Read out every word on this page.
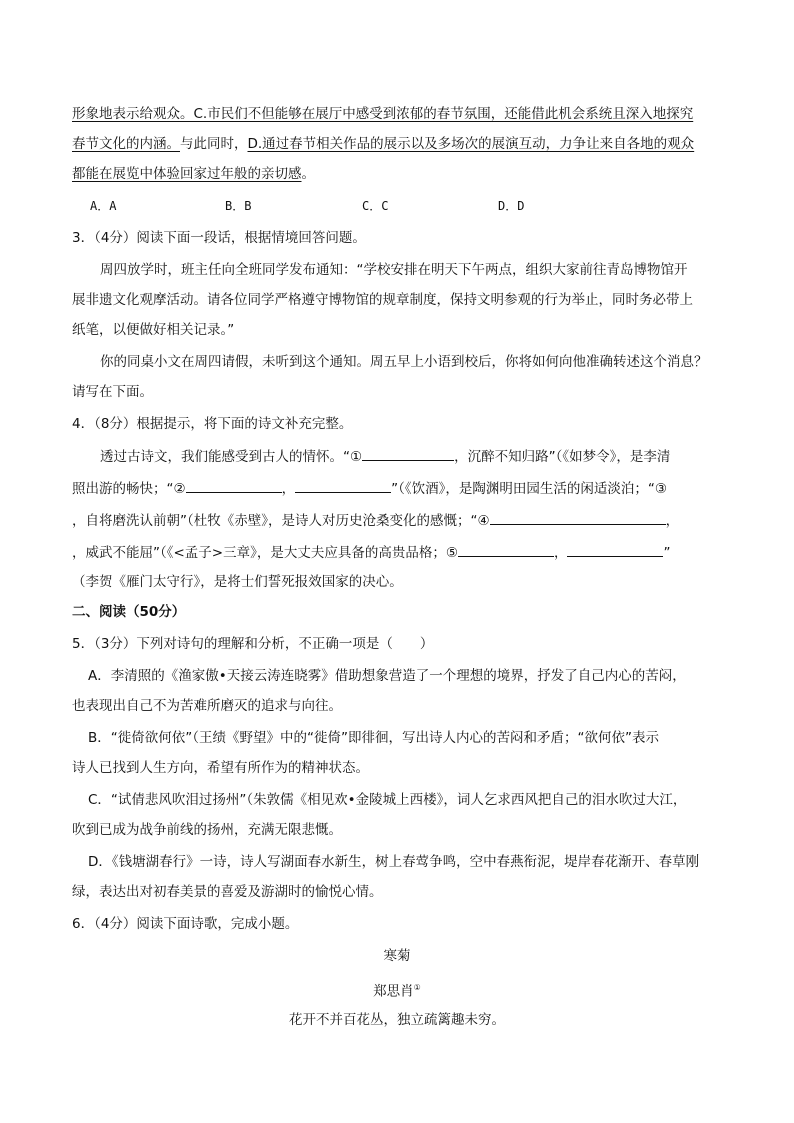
形象地表示给观众。C.市民们不但能够在展厅中感受到浓郁的春节氛围，还能借此机会系统且深入地探究
春节文化的内涵。与此同时，D.通过春节相关作品的展示以及多场次的展演互动，力争让来自各地的观众
都能在展览中体验回家过年般的亲切感。
A．A	B．B	C．C	D．D
3．（4分）阅读下面一段话，根据情境回答问题。
周四放学时，班主任向全班同学发布通知：“学校安排在明天下午两点，组织大家前往青岛博物馆开
展非遗文化观摩活动。请各位同学严格遵守博物馆的规章制度，保持文明参观的行为举止，同时务必带上
纸笔，以便做好相关记录。”
你的同桌小文在周四请假，未听到这个通知。周五早上小语到校后，你将如何向他准确转述这个消息？
请写在下面。
4．（8分）根据提示，将下面的诗文补充完整。
透过古诗文，我们能感受到古人的情怀。“①	，沉醉不知归路”（《如梦令》，是李清
照出游的畅快；“②	，	”（《饮酒》，是陶渊明田园生活的闲适淡泊；“③
，自将磨洗认前朝”（杜牧《赤壁》，是诗人对历史沧桑变化的感慨；“④	，
，威武不能屈”（《<孟子>三章》，是大丈夫应具备的高贵品格；⑤	，	”
（李贺《雁门太守行》，是将士们誓死报效国家的决心。
二、阅读（50分）
5．（3分）下列对诗句的理解和分析，不正确一项是（　　）
A．李清照的《渔家傲•天接云涛连晓雾》借助想象营造了一个理想的境界，抒发了自己内心的苦闷，
也表现出自己不为苦难所磨灭的追求与向往。
B．“徙倚欲何依”（王绩《野望》中的“徙倚”即徘徊，写出诗人内心的苦闷和矛盾；“欲何依”表示
诗人已找到人生方向，希望有所作为的精神状态。
C．“试倩悲风吹泪过扬州”（朱敦儒《相见欢•金陵城上西楼》，词人乞求西风把自己的泪水吹过大江，
吹到已成为战争前线的扬州，充满无限悲慨。
D．《钱塘湖春行》一诗，诗人写湖面春水新生，树上春莺争鸣，空中春燕衔泥，堤岸春花渐开、春草刚
绿，表达出对初春美景的喜爱及游湖时的愉悦心情。
6．（4分）阅读下面诗歌，完成小题。
寒菊
郑思肖①
花开不并百花丛，独立疏篱趣未穷。
